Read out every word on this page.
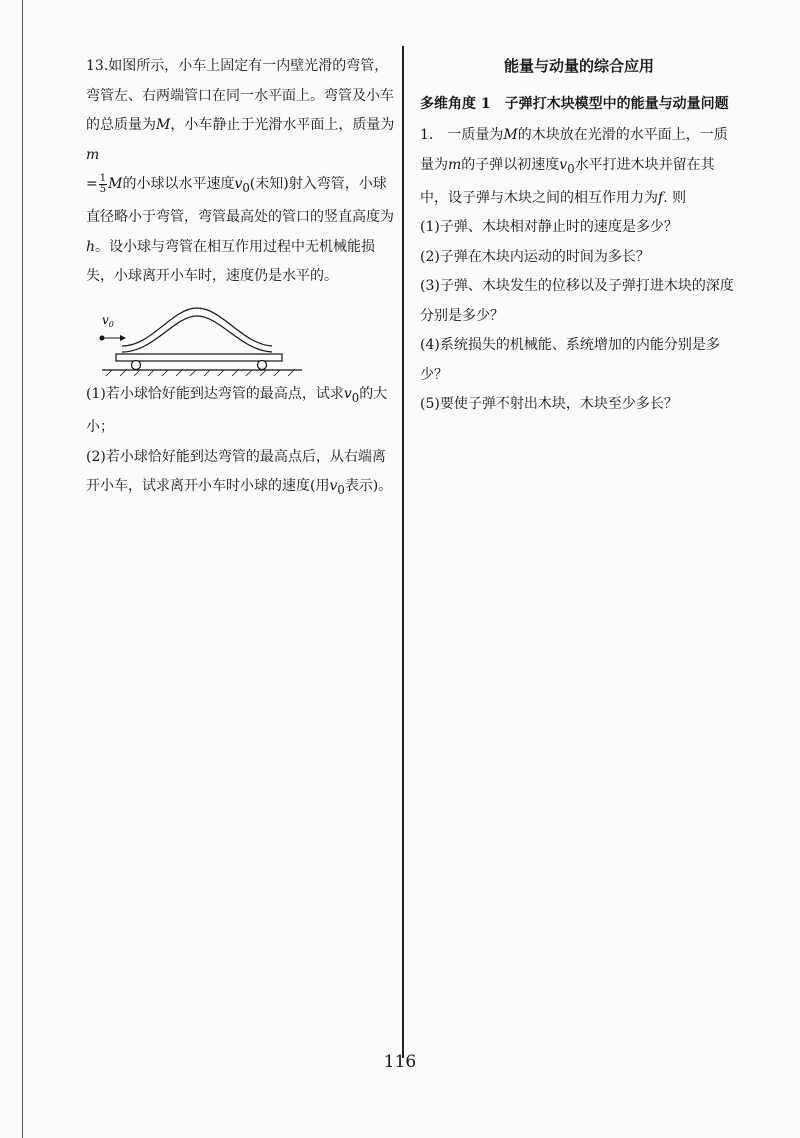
13.如图所示，小车上固定有一内壁光滑的弯管，弯管左、右两端管口在同一水平面上。弯管及小车的总质量为M，小车静止于光滑水平面上，质量为m
= $\frac{1}{5}$ M的小球以水平速度$v_0$(未知)射入弯管，小球直径略小于弯管，弯管最高处的管口的竖直高度为h。设小球与弯管在相互作用过程中无机械能损失，小球离开小车时，速度仍是水平的。

$v_0$

(1)若小球恰好能到达弯管的最高点，试求$v_0$的大小；

(2)若小球恰好能到达弯管的最高点后，从右端离开小车，试求离开小车时小球的速度(用$v_0$表示)。

能量与动量的综合应用

多维角度 1　子弹打木块模型中的能量与动量问题

1.　一质量为M的木块放在光滑的水平面上，一质量为m的子弹以初速度$v_0$水平打进木块并留在其中，设子弹与木块之间的相互作用力为f. 则

(1)子弹、木块相对静止时的速度是多少？

(2)子弹在木块内运动的时间为多长？

(3)子弹、木块发生的位移以及子弹打进木块的深度分别是多少？

(4)系统损失的机械能、系统增加的内能分别是多少？

(5)要使子弹不射出木块，木块至少多长？

116
